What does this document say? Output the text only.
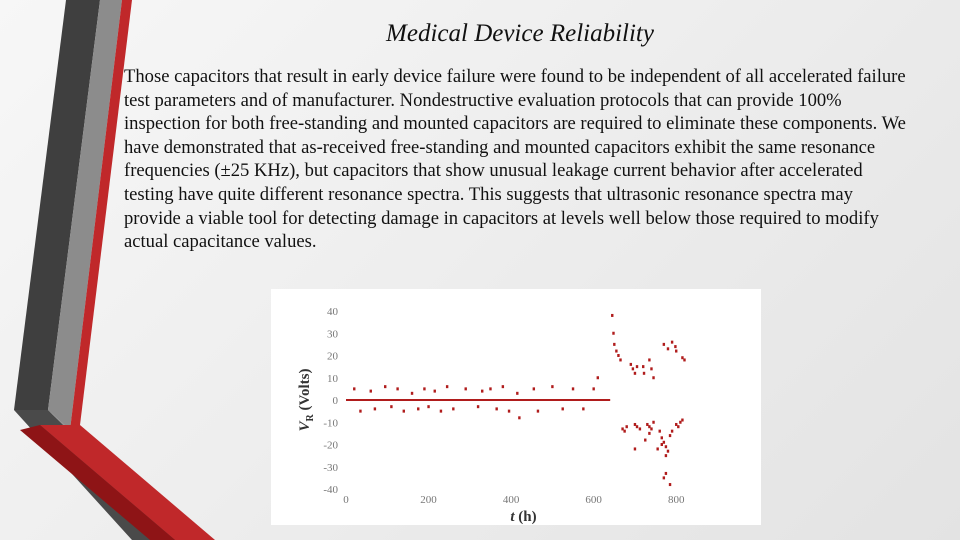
Medical Device Reliability

Those capacitors that result in early device failure were found to be independent of all accelerated failure test parameters and of manufacturer. Nondestructive evaluation protocols that can provide 100% inspection for both free-standing and mounted capacitors are required to eliminate these components. We have demonstrated that as-received free-standing and mounted capacitors exhibit the same resonance frequencies (±25 KHz), but capacitors that show unusual leakage current behavior after accelerated testing have quite different resonance spectra. This suggests that ultrasonic resonance spectra may provide a viable tool for detecting damage in capacitors at levels well below those required to modify actual capacitance values.

40
30
20
10
0
-10
-20
-30
-40
0	200	400	600	800
$V_R$ (Volts)
t (h)
